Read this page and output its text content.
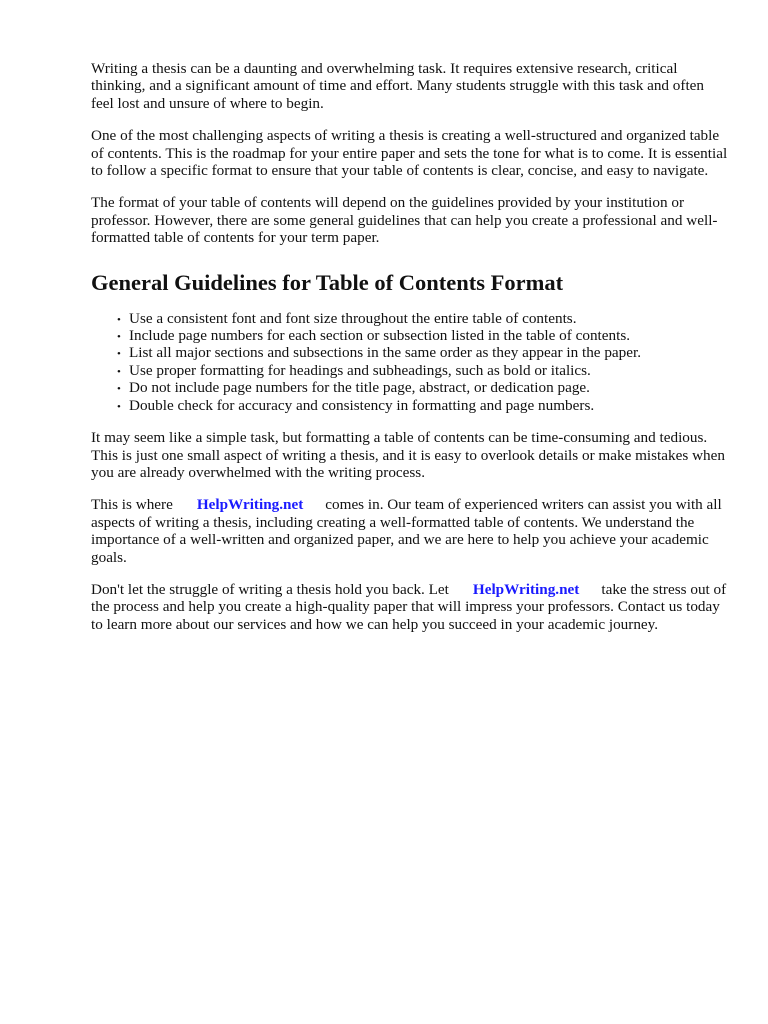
Writing a thesis can be a daunting and overwhelming task. It requires extensive research, critical thinking, and a significant amount of time and effort. Many students struggle with this task and often feel lost and unsure of where to begin.

One of the most challenging aspects of writing a thesis is creating a well-structured and organized table of contents. This is the roadmap for your entire paper and sets the tone for what is to come. It is essential to follow a specific format to ensure that your table of contents is clear, concise, and easy to navigate.

The format of your table of contents will depend on the guidelines provided by your institution or professor. However, there are some general guidelines that can help you create a professional and well-formatted table of contents for your term paper.

General Guidelines for Table of Contents Format
• Use a consistent font and font size throughout the entire table of contents.
• Include page numbers for each section or subsection listed in the table of contents.
• List all major sections and subsections in the same order as they appear in the paper.
• Use proper formatting for headings and subheadings, such as bold or italics.
• Do not include page numbers for the title page, abstract, or dedication page.
• Double check for accuracy and consistency in formatting and page numbers.

It may seem like a simple task, but formatting a table of contents can be time-consuming and tedious. This is just one small aspect of writing a thesis, and it is easy to overlook details or make mistakes when you are already overwhelmed with the writing process.

This is where HelpWriting.net comes in. Our team of experienced writers can assist you with all aspects of writing a thesis, including creating a well-formatted table of contents. We understand the importance of a well-written and organized paper, and we are here to help you achieve your academic goals.

Don't let the struggle of writing a thesis hold you back. Let HelpWriting.net take the stress out of the process and help you create a high-quality paper that will impress your professors. Contact us today to learn more about our services and how we can help you succeed in your academic journey.
